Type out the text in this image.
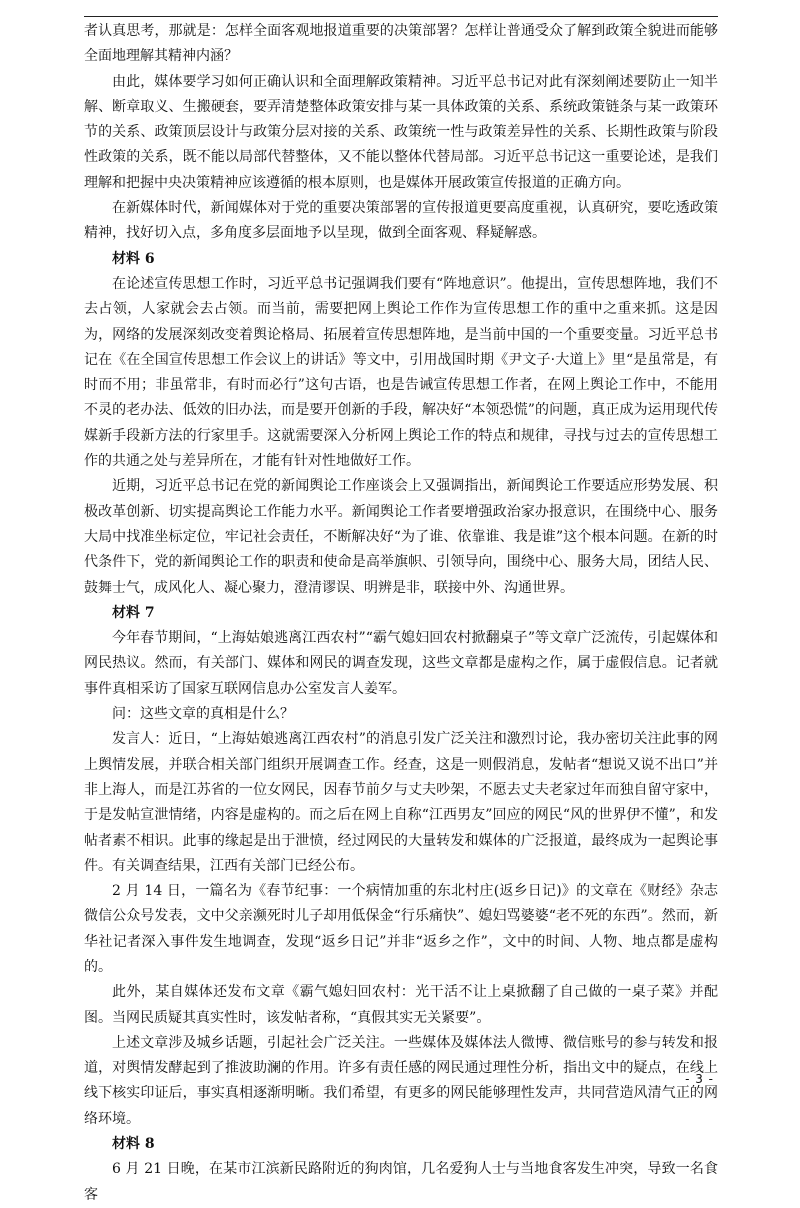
者认真思考，那就是：怎样全面客观地报道重要的决策部署？怎样让普通受众了解到政策全貌进而能够全面地理解其精神内涵？

由此，媒体要学习如何正确认识和全面理解政策精神。习近平总书记对此有深刻阐述要防止一知半解、断章取义、生搬硬套，要弄清楚整体政策安排与某一具体政策的关系、系统政策链条与某一政策环节的关系、政策顶层设计与政策分层对接的关系、政策统一性与政策差异性的关系、长期性政策与阶段性政策的关系，既不能以局部代替整体，又不能以整体代替局部。习近平总书记这一重要论述，是我们理解和把握中央决策精神应该遵循的根本原则，也是媒体开展政策宣传报道的正确方向。

在新媒体时代，新闻媒体对于党的重要决策部署的宣传报道更要高度重视，认真研究，要吃透政策精神，找好切入点，多角度多层面地予以呈现，做到全面客观、释疑解惑。

材料 6

在论述宣传思想工作时，习近平总书记强调我们要有“阵地意识”。他提出，宣传思想阵地，我们不去占领，人家就会去占领。而当前，需要把网上舆论工作作为宣传思想工作的重中之重来抓。这是因为，网络的发展深刻改变着舆论格局、拓展着宣传思想阵地，是当前中国的一个重要变量。习近平总书记在《在全国宣传思想工作会议上的讲话》等文中，引用战国时期《尹文子·大道上》里“是虽常是，有时而不用；非虽常非，有时而必行”这句古语，也是告诫宣传思想工作者，在网上舆论工作中，不能用不灵的老办法、低效的旧办法，而是要开创新的手段，解决好“本领恐慌”的问题，真正成为运用现代传媒新手段新方法的行家里手。这就需要深入分析网上舆论工作的特点和规律，寻找与过去的宣传思想工作的共通之处与差异所在，才能有针对性地做好工作。

近期，习近平总书记在党的新闻舆论工作座谈会上又强调指出，新闻舆论工作要适应形势发展、积极改革创新、切实提高舆论工作能力水平。新闻舆论工作者要增强政治家办报意识，在围绕中心、服务大局中找准坐标定位，牢记社会责任，不断解决好“为了谁、依靠谁、我是谁”这个根本问题。在新的时代条件下，党的新闻舆论工作的职责和使命是高举旗帜、引领导向，围绕中心、服务大局，团结人民、鼓舞士气，成风化人、凝心聚力，澄清谬误、明辨是非，联接中外、沟通世界。

材料 7

今年春节期间，“上海姑娘逃离江西农村”“霸气媳妇回农村掀翻桌子”等文章广泛流传，引起媒体和网民热议。然而，有关部门、媒体和网民的调查发现，这些文章都是虚构之作，属于虚假信息。记者就事件真相采访了国家互联网信息办公室发言人姜军。

问：这些文章的真相是什么？

发言人：近日，“上海姑娘逃离江西农村”的消息引发广泛关注和激烈讨论，我办密切关注此事的网上舆情发展，并联合相关部门组织开展调查工作。经查，这是一则假消息，发帖者“想说又说不出口”并非上海人，而是江苏省的一位女网民，因春节前夕与丈夫吵架，不愿去丈夫老家过年而独自留守家中，于是发帖宣泄情绪，内容是虚构的。而之后在网上自称“江西男友”回应的网民“风的世界伊不懂”，和发帖者素不相识。此事的缘起是出于泄愤，经过网民的大量转发和媒体的广泛报道，最终成为一起舆论事件。有关调查结果，江西有关部门已经公布。

2 月 14 日，一篇名为《春节纪事：一个病情加重的东北村庄(返乡日记)》的文章在《财经》杂志微信公众号发表，文中父亲濒死时儿子却用低保金“行乐痛快”、媳妇骂婆婆“老不死的东西”。然而，新华社记者深入事件发生地调查，发现“返乡日记”并非“返乡之作”，文中的时间、人物、地点都是虚构的。

此外，某自媒体还发布文章《霸气媳妇回农村：光干活不让上桌掀翻了自己做的一桌子菜》并配图。当网民质疑其真实性时，该发帖者称，“真假其实无关紧要”。

上述文章涉及城乡话题，引起社会广泛关注。一些媒体及媒体法人微博、微信账号的参与转发和报道，对舆情发酵起到了推波助澜的作用。许多有责任感的网民通过理性分析，指出文中的疑点，在线上线下核实印证后，事实真相逐渐明晰。我们希望，有更多的网民能够理性发声，共同营造风清气正的网络环境。

材料 8

6 月 21 日晚，在某市江滨新民路附近的狗肉馆，几名爱狗人士与当地食客发生冲突，导致一名食客

- 3 -
